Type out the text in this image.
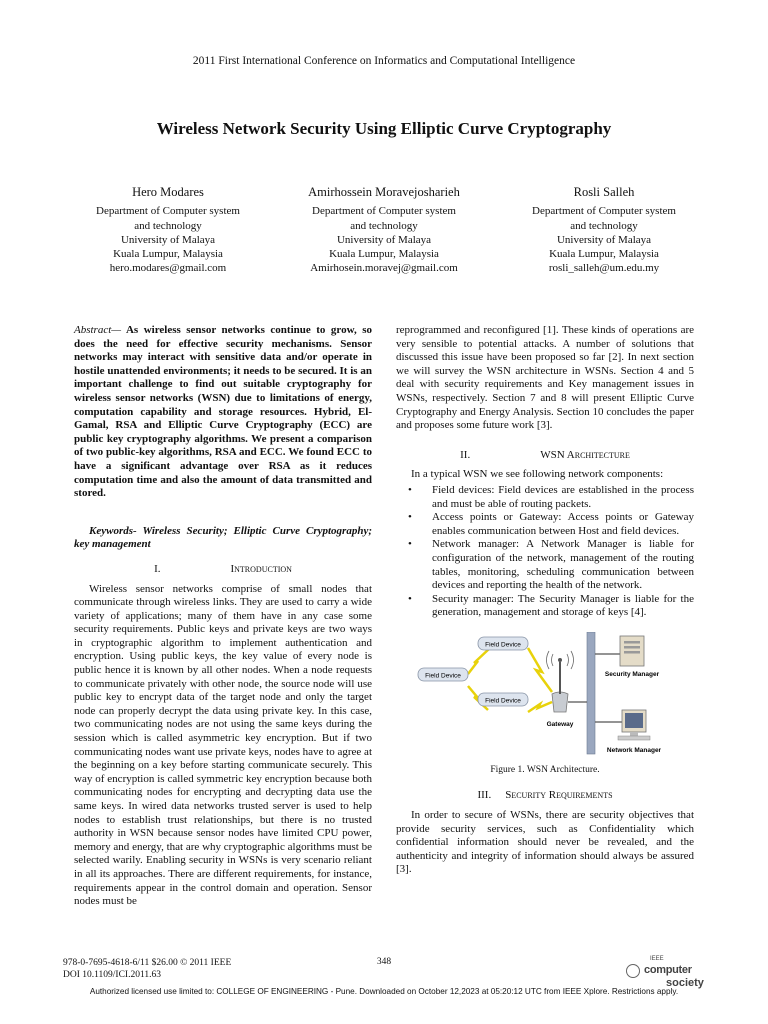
2011 First International Conference on Informatics and Computational Intelligence
Wireless Network Security Using Elliptic Curve Cryptography
Hero Modares
Department of Computer system
and technology
University of Malaya
Kuala Lumpur, Malaysia
hero.modares@gmail.com
Amirhossein Moravejosharieh
Department of Computer system
and technology
University of Malaya
Kuala Lumpur, Malaysia
Amirhosein.moravej@gmail.com
Rosli Salleh
Department of Computer system
and technology
University of Malaya
Kuala Lumpur, Malaysia
rosli_salleh@um.edu.my

Abstract— As wireless sensor networks continue to grow, so does the need for effective security mechanisms. Sensor networks may interact with sensitive data and/or operate in hostile unattended environments; it needs to be secured. It is an important challenge to find out suitable cryptography for wireless sensor networks (WSN) due to limitations of energy, computation capability and storage resources. Hybrid, El-Gamal, RSA and Elliptic Curve Cryptography (ECC) are public key cryptography algorithms. We present a comparison of two public-key algorithms, RSA and ECC. We found ECC to have a significant advantage over RSA as it reduces computation time and also the amount of data transmitted and stored.

Keywords- Wireless Security; Elliptic Curve Cryptography; key management

I.	Introduction

Wireless sensor networks comprise of small nodes that communicate through wireless links. They are used to carry a wide variety of applications; many of them have in any case some security requirements. Public keys and private keys are two ways in cryptographic algorithm to implement authentication and encryption. Using public keys, the key value of every node is public hence it is known by all other nodes. When a node requests to communicate privately with other node, the source node will use public key to encrypt data of the target node and only the target node can properly decrypt the data using private key. In this case, two communicating nodes are not using the same keys during the session which is called asymmetric key encryption. But if two communicating nodes want use private keys, nodes have to agree at the beginning on a key before starting communicate securely. This way of encryption is called symmetric key encryption because both communicating nodes for encrypting and decrypting data use the same keys. In wired data networks trusted server is used to help nodes to establish trust relationships, but there is no trusted authority in WSN because sensor nodes have limited CPU power, memory and energy, that are why cryptographic algorithms must be selected warily. Enabling security in WSNs is very scenario reliant in all its approaches. There are different requirements, for instance, requirements appear in the control domain and operation. Sensor nodes must be

reprogrammed and reconfigured [1]. These kinds of operations are very sensible to potential attacks. A number of solutions that discussed this issue have been proposed so far [2]. In next section we will survey the WSN architecture in WSNs. Section 4 and 5 deal with security requirements and Key management issues in WSNs, respectively. Section 7 and 8 will present Elliptic Curve Cryptography and Energy Analysis. Section 10 concludes the paper and proposes some future work [3].

II.	WSN Architecture

In a typical WSN we see following network components:

• Field devices: Field devices are established in the process and must be able of routing packets.
• Access points or Gateway: Access points or Gateway enables communication between Host and field devices.
• Network manager: A Network Manager is liable for configuration of the network, management of the routing tables, monitoring, scheduling communication between devices and reporting the health of the network.
• Security manager: The Security Manager is liable for the generation, management and storage of keys [4].
Field Device
Field Device
Field Device
Gateway
Security Manager
Network Manager
Figure 1. WSN Architecture.
III. Security Requirements

In order to secure of WSNs, there are security objectives that provide security services, such as Confidentiality which confidential information should never be revealed, and the authenticity and integrity of information should always be assured [3].

978-0-7695-4618-6/11 $26.00 © 2011 IEEE
DOI 10.1109/ICI.2011.63
348	IEEE
computer
society
Authorized licensed use limited to: COLLEGE OF ENGINEERING - Pune. Downloaded on October 12,2023 at 05:20:12 UTC from IEEE Xplore. Restrictions apply.
